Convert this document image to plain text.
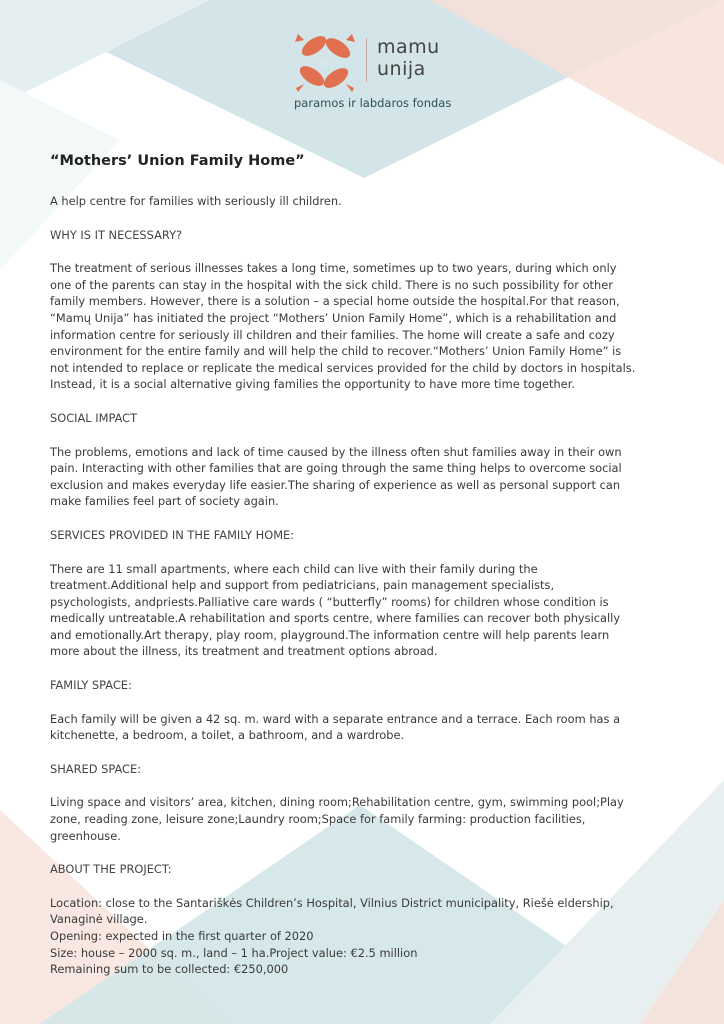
mamu
unija
paramos ir labdaros fondas
“Mothers’ Union Family Home”

A help centre for families with seriously ill children.

WHY IS IT NECESSARY?

The treatment of serious illnesses takes a long time, sometimes up to two years, during which only one of the parents can stay in the hospital with the sick child. There is no such possibility for other family members. However, there is a solution – a special home outside the hospital.For that reason, “Mamų Unija” has initiated the project “Mothers’ Union Family Home”, which is a rehabilitation and information centre for seriously ill children and their families. The home will create a safe and cozy environment for the entire family and will help the child to recover.“Mothers’ Union Family Home” is not intended to replace or replicate the medical services provided for the child by doctors in hospitals. Instead, it is a social alternative giving families the opportunity to have more time together.

SOCIAL IMPACT

The problems, emotions and lack of time caused by the illness often shut families away in their own pain. Interacting with other families that are going through the same thing helps to overcome social exclusion and makes everyday life easier.The sharing of experience as well as personal support can make families feel part of society again.

SERVICES PROVIDED IN THE FAMILY HOME:

There are 11 small apartments, where each child can live with their family during the treatment.Additional help and support from pediatricians, pain management specialists, psychologists, andpriests.Palliative care wards ( “butterfly” rooms) for children whose condition is medically untreatable.A rehabilitation and sports centre, where families can recover both physically and emotionally.Art therapy, play room, playground.The information centre will help parents learn more about the illness, its treatment and treatment options abroad.

FAMILY SPACE:

Each family will be given a 42 sq. m. ward with a separate entrance and a terrace. Each room has a kitchenette, a bedroom, a toilet, a bathroom, and a wardrobe.

SHARED SPACE:

Living space and visitors’ area, kitchen, dining room;Rehabilitation centre, gym, swimming pool;Play zone, reading zone, leisure zone;Laundry room;Space for family farming: production facilities, greenhouse.

ABOUT THE PROJECT:

Location: close to the Santariškės Children’s Hospital, Vilnius District municipality, Riešė eldership, Vanaginė village.
Opening: expected in the first quarter of 2020
Size: house – 2000 sq. m., land – 1 ha.Project value: €2.5 million
Remaining sum to be collected: €250,000
